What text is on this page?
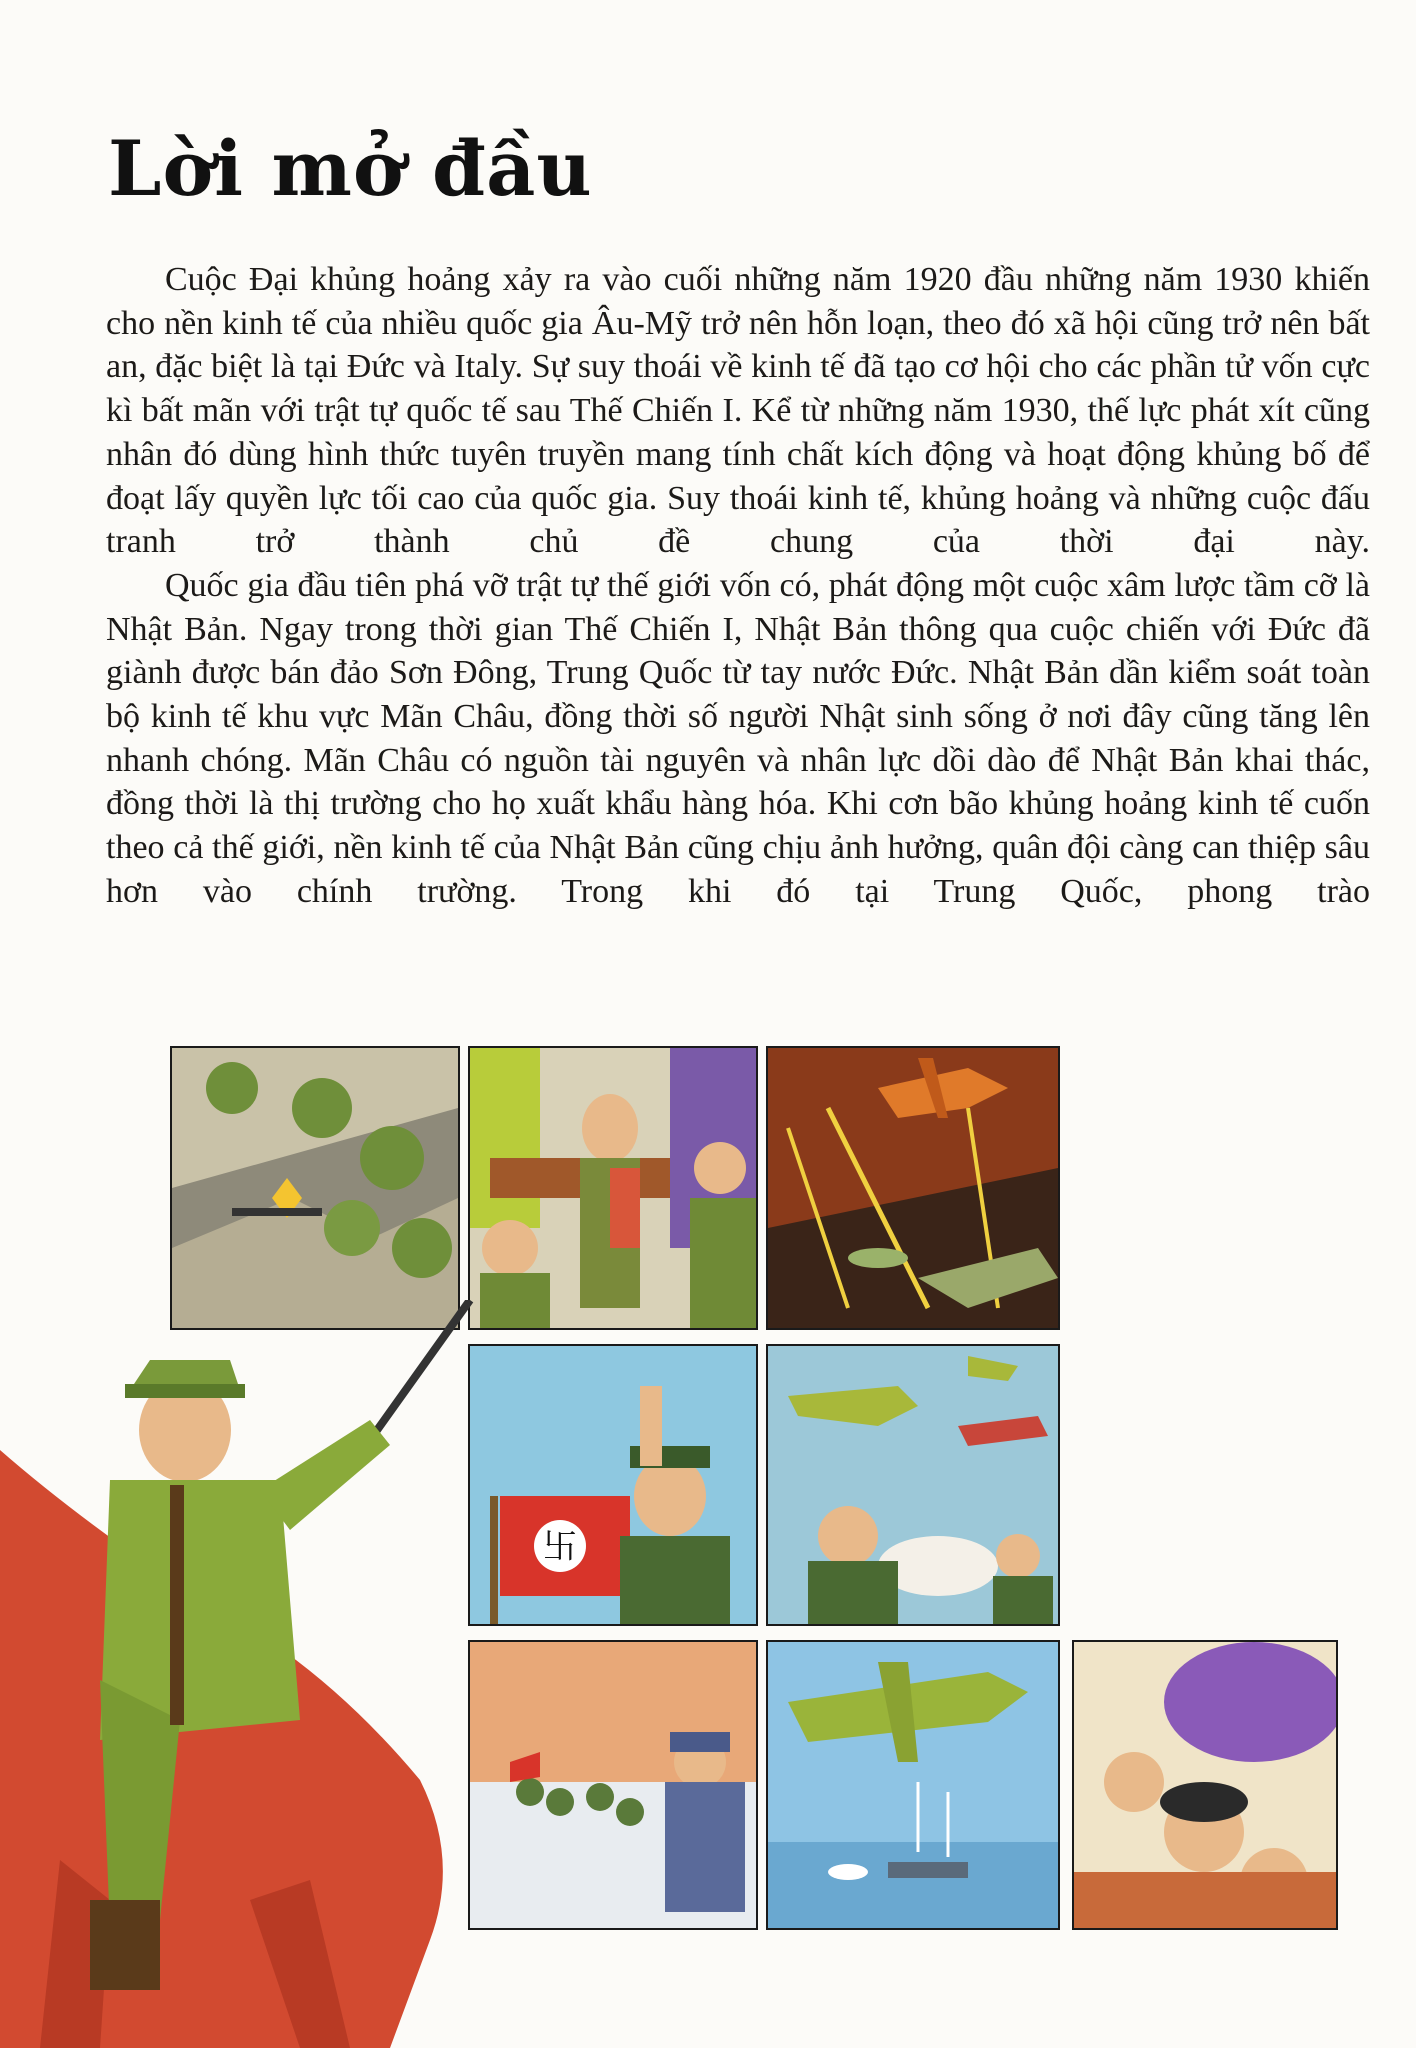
Lời mở đầu

Cuộc Đại khủng hoảng xảy ra vào cuối những năm 1920 đầu những năm 1930 khiến cho nền kinh tế của nhiều quốc gia Âu-Mỹ trở nên hỗn loạn, theo đó xã hội cũng trở nên bất an, đặc biệt là tại Đức và Italy. Sự suy thoái về kinh tế đã tạo cơ hội cho các phần tử vốn cực kì bất mãn với trật tự quốc tế sau Thế Chiến I. Kể từ những năm 1930, thế lực phát xít cũng nhân đó dùng hình thức tuyên truyền mang tính chất kích động và hoạt động khủng bố để đoạt lấy quyền lực tối cao của quốc gia. Suy thoái kinh tế, khủng hoảng và những cuộc đấu tranh trở thành chủ đề chung của thời đại này.

Quốc gia đầu tiên phá vỡ trật tự thế giới vốn có, phát động một cuộc xâm lược tầm cỡ là Nhật Bản. Ngay trong thời gian Thế Chiến I, Nhật Bản thông qua cuộc chiến với Đức đã giành được bán đảo Sơn Đông, Trung Quốc từ tay nước Đức. Nhật Bản dần kiểm soát toàn bộ kinh tế khu vực Mãn Châu, đồng thời số người Nhật sinh sống ở nơi đây cũng tăng lên nhanh chóng. Mãn Châu có nguồn tài nguyên và nhân lực dồi dào để Nhật Bản khai thác, đồng thời là thị trường cho họ xuất khẩu hàng hóa. Khi cơn bão khủng hoảng kinh tế cuốn theo cả thế giới, nền kinh tế của Nhật Bản cũng chịu ảnh hưởng, quân đội càng can thiệp sâu hơn vào chính trường. Trong khi đó tại Trung Quốc, phong trào

卐
